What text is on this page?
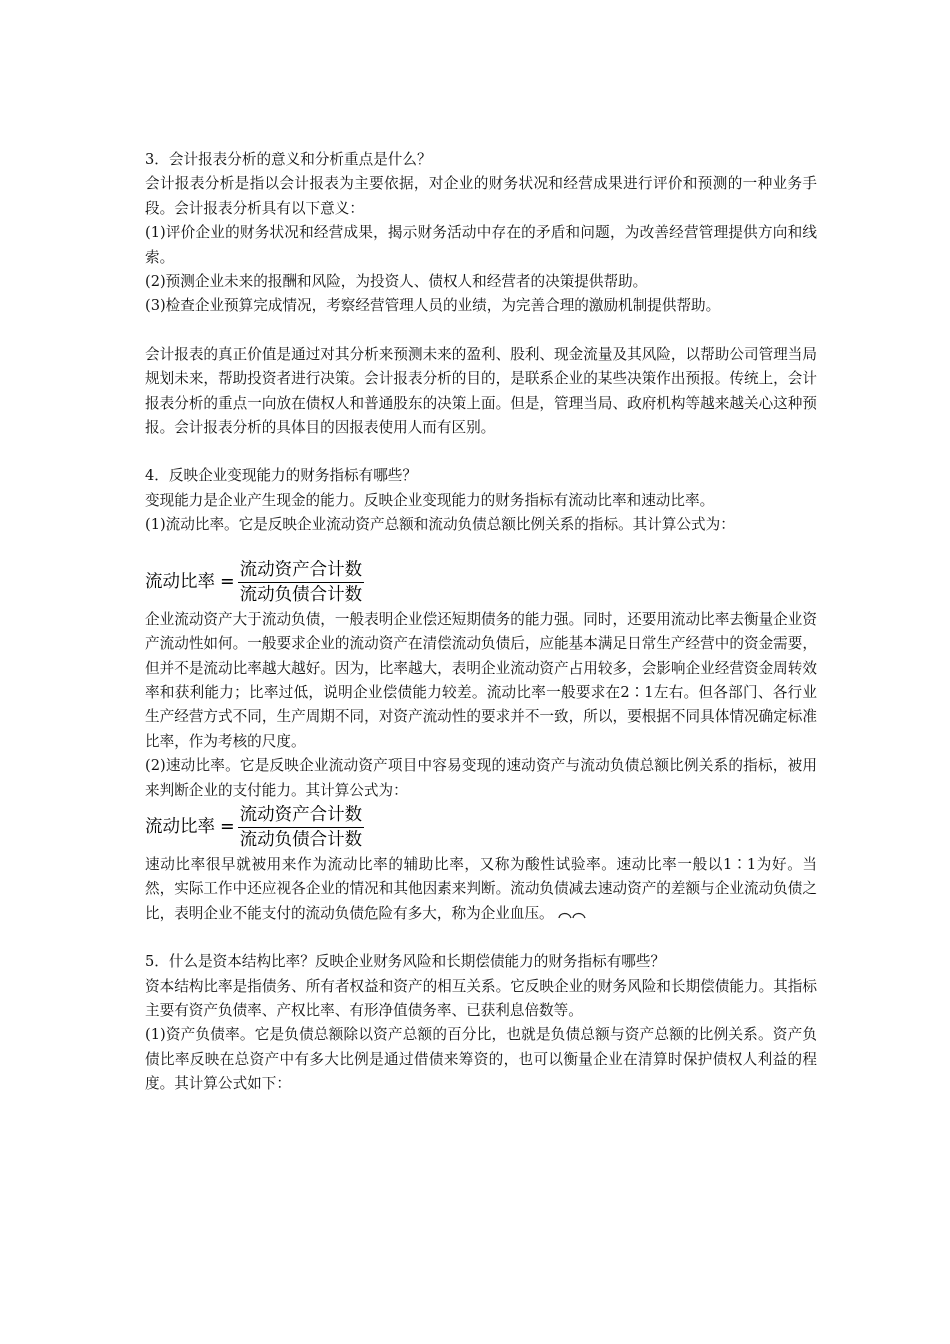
3．会计报表分析的意义和分析重点是什么？

会计报表分析是指以会计报表为主要依据，对企业的财务状况和经营成果进行评价和预测的一种业务手段。会计报表分析具有以下意义：

(1)评价企业的财务状况和经营成果，揭示财务活动中存在的矛盾和问题，为改善经营管理提供方向和线索。

(2)预测企业未来的报酬和风险，为投资人、债权人和经营者的决策提供帮助。

(3)检查企业预算完成情况，考察经营管理人员的业绩，为完善合理的激励机制提供帮助。

会计报表的真正价值是通过对其分析来预测未来的盈利、股利、现金流量及其风险，以帮助公司管理当局规划未来，帮助投资者进行决策。会计报表分析的目的，是联系企业的某些决策作出预报。传统上，会计报表分析的重点一向放在债权人和普通股东的决策上面。但是，管理当局、政府机构等越来越关心这种预报。会计报表分析的具体目的因报表使用人而有区别。

4．反映企业变现能力的财务指标有哪些？

变现能力是企业产生现金的能力。反映企业变现能力的财务指标有流动比率和速动比率。

(1)流动比率。它是反映企业流动资产总额和流动负债总额比例关系的指标。其计算公式为：

流动比率 = $\frac{\text{流动资产合计数}}{\text{流动负债合计数}}$

企业流动资产大于流动负债，一般表明企业偿还短期债务的能力强。同时，还要用流动比率去衡量企业资产流动性如何。一般要求企业的流动资产在清偿流动负债后，应能基本满足日常生产经营中的资金需要，但并不是流动比率越大越好。因为，比率越大，表明企业流动资产占用较多，会影响企业经营资金周转效率和获利能力；比率过低，说明企业偿债能力较差。流动比率一般要求在2∶1左右。但各部门、各行业生产经营方式不同，生产周期不同，对资产流动性的要求并不一致，所以，要根据不同具体情况确定标准比率，作为考核的尺度。

(2)速动比率。它是反映企业流动资产项目中容易变现的速动资产与流动负债总额比例关系的指标，被用来判断企业的支付能力。其计算公式为：

流动比率 = $\frac{\text{流动资产合计数}}{\text{流动负债合计数}}$

速动比率很早就被用来作为流动比率的辅助比率，又称为酸性试验率。速动比率一般以1∶1为好。当然，实际工作中还应视各企业的情况和其他因素来判断。流动负债减去速动资产的差额与企业流动负债之比，表明企业不能支付的流动负债危险有多大，称为企业血压。

5．什么是资本结构比率？反映企业财务风险和长期偿债能力的财务指标有哪些？

资本结构比率是指债务、所有者权益和资产的相互关系。它反映企业的财务风险和长期偿债能力。其指标主要有资产负债率、产权比率、有形净值债务率、已获利息倍数等。

(1)资产负债率。它是负债总额除以资产总额的百分比，也就是负债总额与资产总额的比例关系。资产负债比率反映在总资产中有多大比例是通过借债来筹资的，也可以衡量企业在清算时保护债权人利益的程度。其计算公式如下：
